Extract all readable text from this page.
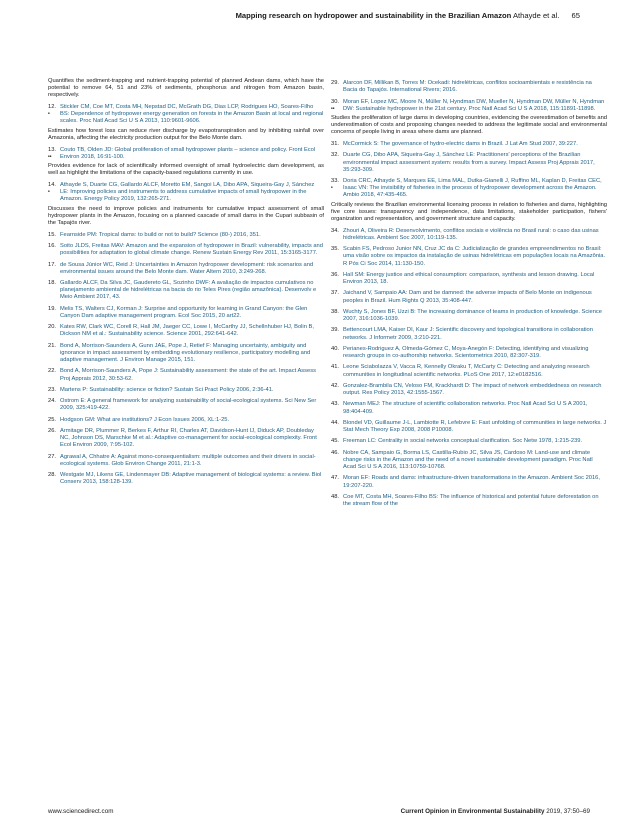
Mapping research on hydropower and sustainability in the Brazilian Amazon Athayde et al. 65
Quantifies the sediment-trapping and nutrient-trapping potential of planned Andean dams, which have the potential to remove 64, 51 and 23% of sediments, phosphorus and nitrogen from Amazon basin, respectively.
12.
•
Stickler CM, Coe MT, Costa MH, Nepstad DC, McGrath DG, Dias LCP, Rodrigues HO, Soares-Filho BS: Dependence of hydropower energy generation on forests in the Amazon Basin at local and regional scales. Proc Natl Acad Sci U S A 2013, 110:9601-9606.
Estimates how forest loss can reduce river discharge by evapotranspiration and by inhibiting rainfall over Amazonia, affecting the electricity production output for the Belo Monte dam.
13.
••
Couto TB, Olden JD: Global proliferation of small hydropower plants – science and policy. Front Ecol Environ 2018, 16:91-100.
Provides evidence for lack of scientifically informed oversight of small hydroelectric dam development, as well as highlight the limitations of the capacity-based regulations currently in use.
14.
•
Athayde S, Duarte CG, Gallardo ALCF, Moretto EM, Sangoi LA, Dibo APA, Siqueira-Gay J, Sánchez LE: Improving policies and instruments to address cumulative impacts of small hydropower in the Amazon. Energy Policy 2019, 132:265-271.
Discusses the need to improve policies and instruments for cumulative impact assessment of small hydropower plants in the Amazon, focusing on a planned cascade of small dams in the Cupari subbasin of the Tapajós river.
15. Fearnside PM: Tropical dams: to build or not to build? Science (80-) 2016, 351.
16. Soito JLDS, Freitas MAV: Amazon and the expansion of hydropower in Brazil: vulnerability, impacts and possibilities for adaptation to global climate change. Renew Sustain Energy Rev 2011, 15:3165-3177.
17. de Sousa Júnior WC, Reid J: Uncertainties in Amazon hydropower development: risk scenarios and environmental issues around the Belo Monte dam. Water Altern 2010, 3:249-268.
18. Gallardo ALCF, Da Silva JC, Gaudereto GL, Sozinho DWF: A avaliação de impactos cumulativos no planejamento ambiental de hidrelétricas na bacia do rio Teles Pires (região amazônica). Desenvolv e Meio Ambient 2017, 43.
19. Melis TS, Walters CJ, Korman J: Surprise and opportunity for learning in Grand Canyon: the Glen Canyon Dam adaptive management program. Ecol Soc 2015, 20 art22.
20. Kates RW, Clark WC, Corell R, Hall JM, Jaeger CC, Lowe I, McCarthy JJ, Schellnhuber HJ, Bolin B, Dickson NM et al.: Sustainability science. Science 2001, 292:641-642.
21. Bond A, Morrison-Saunders A, Gunn JAE, Pope J, Retief F: Managing uncertainty, ambiguity and ignorance in impact assessment by embedding evolutionary resilience, participatory modelling and adaptive management. J Environ Manage 2015, 151.
22. Bond A, Morrison-Saunders A, Pope J: Sustainability assessment: the state of the art. Impact Assess Proj Apprais 2012, 30:53-62.
23. Martens P: Sustainability: science or fiction? Sustain Sci Pract Policy 2006, 2:36-41.
24. Ostrom E: A general framework for analyzing sustainability of social-ecological systems. Sci New Ser 2009, 325:419-422.
25. Hodgson GM: What are institutions? J Econ Issues 2006, XL:1-25.
26. Armitage DR, Plummer R, Berkes F, Arthur RI, Charles AT, Davidson-Hunt IJ, Diduck AP, Doubleday NC, Johnson DS, Marschke M et al.: Adaptive co-management for social-ecological complexity. Front Ecol Environ 2009, 7:95-102.
27. Agrawal A, Chhatre A: Against mono-consequentialism: multiple outcomes and their drivers in social-ecological systems. Glob Environ Change 2011, 21:1-3.
28. Westgate MJ, Likens GE, Lindenmayer DB: Adaptive management of biological systems: a review. Biol Conserv 2013, 158:128-139.
29. Alarcon DF, Millikan B, Torres M: Ocekadi: hidrelétricas, conflitos socioambientais e resistência na Bacia do Tapajós. International Rivers; 2016.
30.
••
Moran EF, Lopez MC, Moore N, Müller N, Hyndman DW, Mueller N, Hyndman DW, Müller N, Hyndman DW: Sustainable hydropower in the 21st century. Proc Natl Acad Sci U S A 2018, 115:11891-11898.
Studies the proliferation of large dams in developing countries, evidencing the overestimation of benefits and underestimation of costs and proposing changes needed to address the legitimate social and environmental concerns of people living in areas where dams are planned.
31. McCormick S: The governance of hydro-electric dams in Brazil. J Lat Am Stud 2007, 39:227.
32. Duarte CG, Dibo APA, Siqueira-Gay J, Sánchez LE: Practitioners' perceptions of the Brazilian environmental impact assessment system: results from a survey. Impact Assess Proj Apprais 2017, 35:293-309.
33.
•
Doria CRC, Athayde S, Marques EE, Lima MAL, Dutka-Gianelli J, Ruffino ML, Kaplan D, Freitas CEC, Isaac VN: The invisibility of fisheries in the process of hydropower development across the Amazon. Ambio 2018, 47:435-465.
Critically reviews the Brazilian environmental licensing process in relation to fisheries and dams, highlighting five core issues: transparency and independence, data limitations, stakeholder participation, fishers' organization and representation, and government structure and capacity.
34. Zhouri A, Oliveira R: Desenvolvimento, conflitos sociais e violência no Brasil rural: o caso das usinas hidrelétricas. Ambient Soc 2007, 10:119-135.
35. Scabin FS, Pedroso Junior NN, Cruz JC da C: Judicialização de grandes empreendimentos no Brasil: uma visão sobre os impactos da instalação de usinas hidrelétricas em populações locais na Amazônia. R Pós Ci Soc 2014, 11:130-150.
36. Hall SM: Energy justice and ethical consumption: comparison, synthesis and lesson drawing. Local Environ 2013, 18.
37. Jaichand V, Sampaio AA: Dam and be damned: the adverse impacts of Belo Monte on indigenous peoples in Brazil. Hum Rights Q 2013, 35:408-447.
38. Wuchty S, Jones BF, Uzzi B: The increasing dominance of teams in production of knowledge. Science 2007, 316:1036-1039.
39. Bettencourt LMA, Kaiser DI, Kaur J: Scientific discovery and topological transitions in collaboration networks. J Informetr 2009, 3:210-221.
40. Perianes-Rodriguez A, Olmeda-Gómez C, Moya-Anegón F: Detecting, identifying and visualizing research groups in co-authorship networks. Scientometrics 2010, 82:307-319.
41. Leone Sciabolazza V, Vacca R, Kennelly Okraku T, McCarty C: Detecting and analyzing research communities in longitudinal scientific networks. PLoS One 2017, 12:e0182516.
42. Gonzalez-Brambila CN, Veloso FM, Krackhardt D: The impact of network embeddedness on research output. Res Policy 2013, 42:1555-1567.
43. Newman MEJ: The structure of scientific collaboration networks. Proc Natl Acad Sci U S A 2001, 98:404-409.
44. Blondel VD, Guillaume J-L, Lambiotte R, Lefebvre E: Fast unfolding of communities in large networks. J Stat Mech Theory Exp 2008, 2008 P10008.
45. Freeman LC: Centrality in social networks conceptual clarification. Soc Netw 1978, 1:215-239.
46. Nobre CA, Sampaio G, Borma LS, Castilla-Rubio JC, Silva JS, Cardoso M: Land-use and climate change risks in the Amazon and the need of a novel sustainable development paradigm. Proc Natl Acad Sci U S A 2016, 113:10759-10768.
47. Moran EF: Roads and dams: infrastructure-driven transformations in the Amazon. Ambient Soc 2016, 19:207-220.
48. Coe MT, Costa MH, Soares-Filho BS: The influence of historical and potential future deforestation on the stream flow of the
www.sciencedirect.com	Current Opinion in Environmental Sustainability 2019, 37:50–69
